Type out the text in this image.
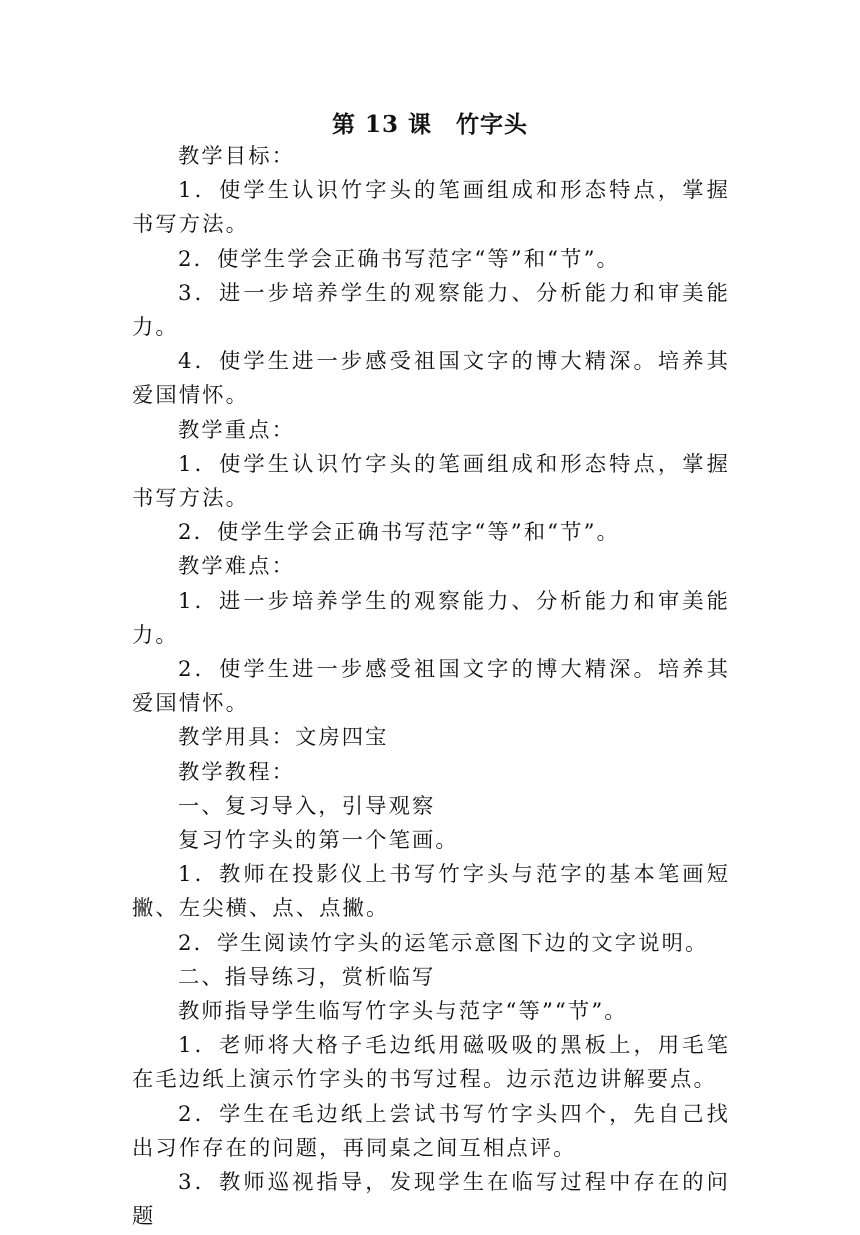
第 13 课　竹字头

教学目标：

1．使学生认识竹字头的笔画组成和形态特点，掌握书写方法。

2．使学生学会正确书写范字“等”和“节”。

3．进一步培养学生的观察能力、分析能力和审美能力。

4．使学生进一步感受祖国文字的博大精深。培养其爱国情怀。

教学重点：

1．使学生认识竹字头的笔画组成和形态特点，掌握书写方法。

2．使学生学会正确书写范字“等”和“节”。

教学难点：

1．进一步培养学生的观察能力、分析能力和审美能力。

2．使学生进一步感受祖国文字的博大精深。培养其爱国情怀。

教学用具：文房四宝

教学教程：

一、复习导入，引导观察

复习竹字头的第一个笔画。

1．教师在投影仪上书写竹字头与范字的基本笔画短撇、左尖横、点、点撇。

2．学生阅读竹字头的运笔示意图下边的文字说明。

二、指导练习，赏析临写

教师指导学生临写竹字头与范字“等”“节”。

1．老师将大格子毛边纸用磁吸吸的黑板上，用毛笔在毛边纸上演示竹字头的书写过程。边示范边讲解要点。

2．学生在毛边纸上尝试书写竹字头四个，先自己找出习作存在的问题，再同桌之间互相点评。

3．教师巡视指导，发现学生在临写过程中存在的问题
